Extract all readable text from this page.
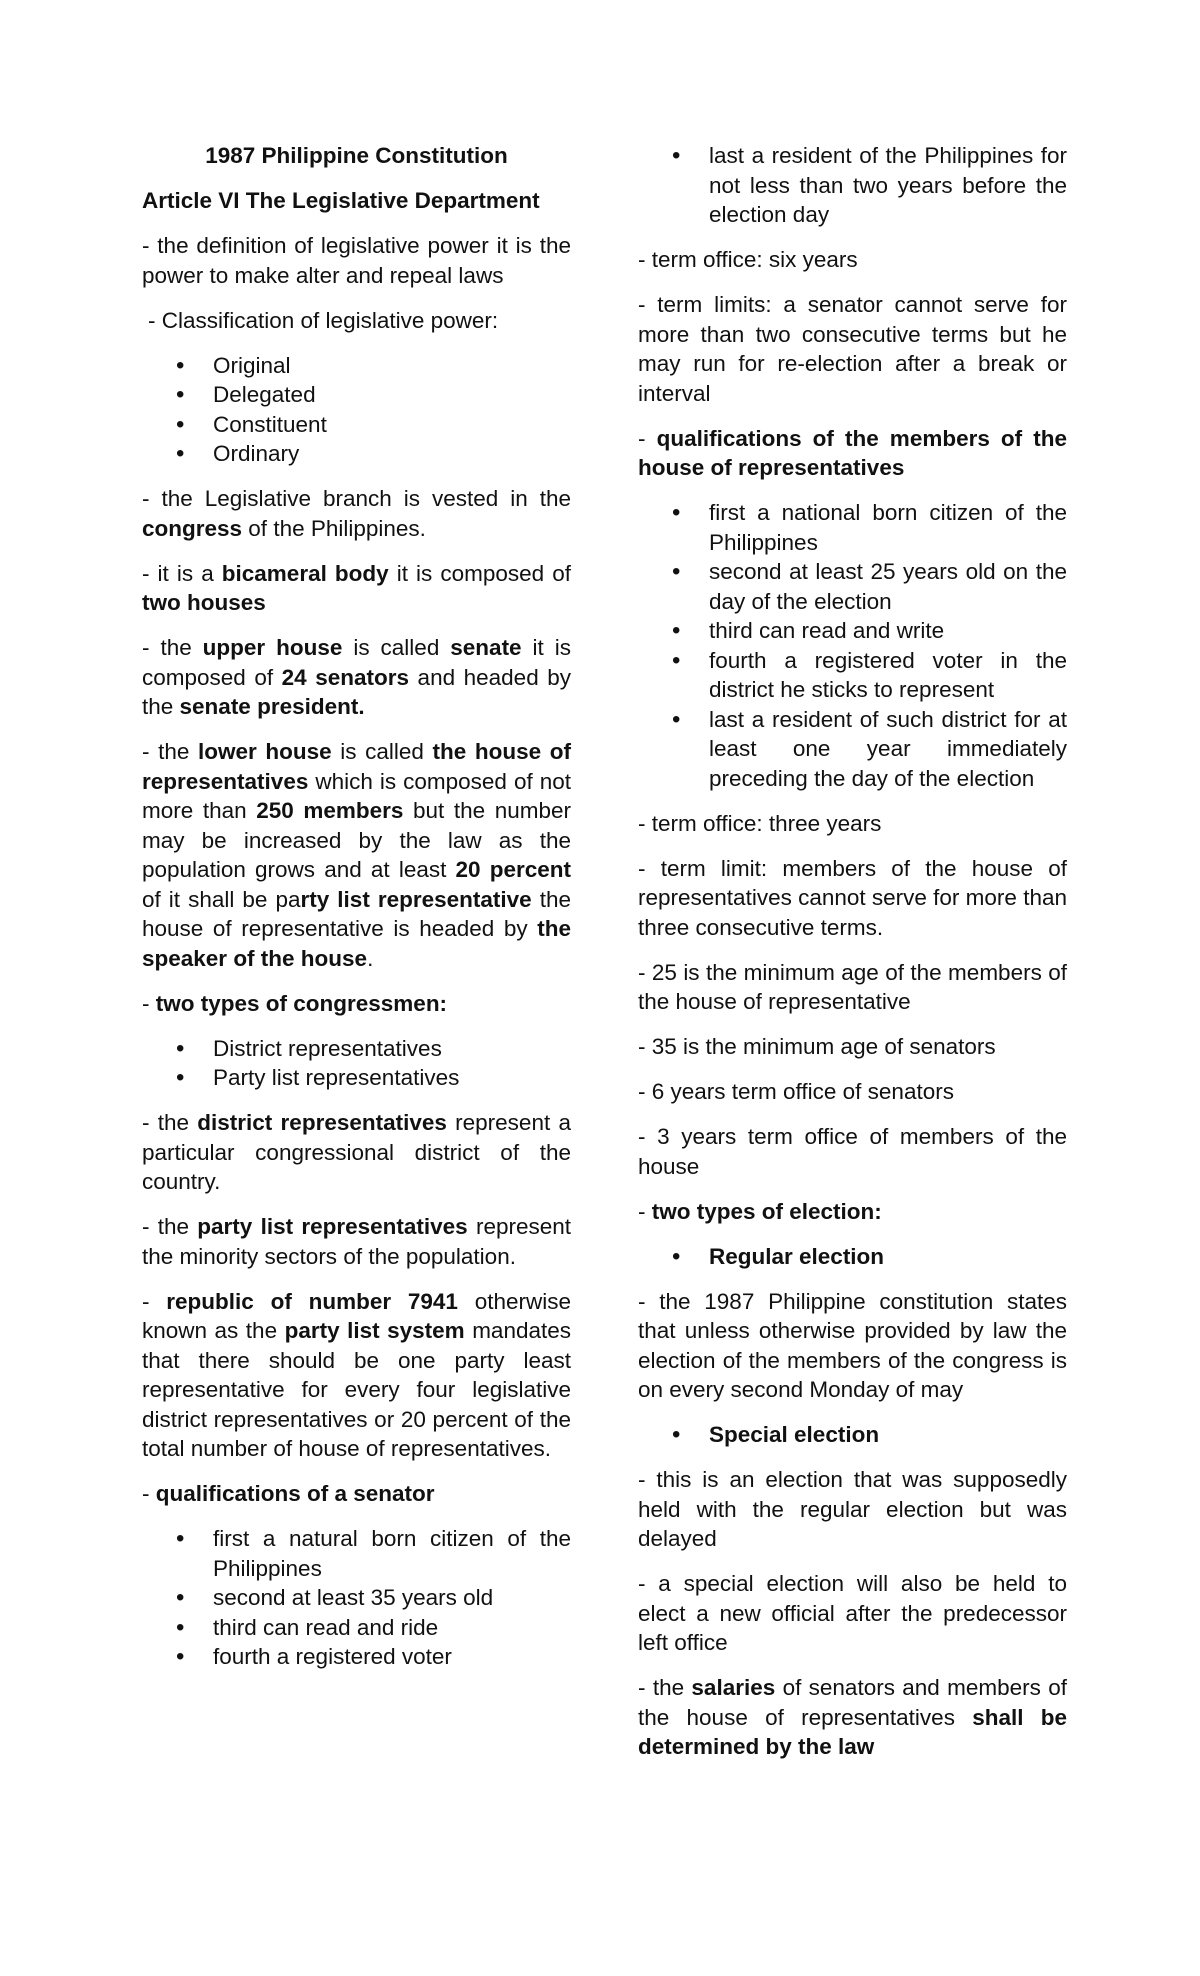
1987 Philippine Constitution
Article VI The Legislative Department

- the definition of legislative power it is the power to make alter and repeal laws

- Classification of legislative power:

• Original
• Delegated
• Constituent
• Ordinary

- the Legislative branch is vested in the congress of the Philippines.

- it is a bicameral body it is composed of two houses

- the upper house is called senate it is composed of 24 senators and headed by the senate president.

- the lower house is called the house of representatives which is composed of not more than 250 members but the number may be increased by the law as the population grows and at least 20 percent of it shall be party list representative the house of representative is headed by the speaker of the house.

- two types of congressmen:

• District representatives
• Party list representatives

- the district representatives represent a particular congressional district of the country.

- the party list representatives represent the minority sectors of the population.

- republic of number 7941 otherwise known as the party list system mandates that there should be one party least representative for every four legislative district representatives or 20 percent of the total number of house of representatives.

- qualifications of a senator

• first a natural born citizen of the Philippines
• second at least 35 years old
• third can read and ride
• fourth a registered voter
• last a resident of the Philippines for not less than two years before the election day

- term office: six years

- term limits: a senator cannot serve for more than two consecutive terms but he may run for re-election after a break or interval

- qualifications of the members of the house of representatives

• first a national born citizen of the Philippines
• second at least 25 years old on the day of the election
• third can read and write
• fourth a registered voter in the district he sticks to represent
• last a resident of such district for at least one year immediately preceding the day of the election

- term office: three years

- term limit: members of the house of representatives cannot serve for more than three consecutive terms.

- 25 is the minimum age of the members of the house of representative

- 35 is the minimum age of senators

- 6 years term office of senators

- 3 years term office of members of the house

- two types of election:

• Regular election

- the 1987 Philippine constitution states that unless otherwise provided by law the election of the members of the congress is on every second Monday of may

• Special election

- this is an election that was supposedly held with the regular election but was delayed

- a special election will also be held to elect a new official after the predecessor left office

- the salaries of senators and members of the house of representatives shall be determined by the law
